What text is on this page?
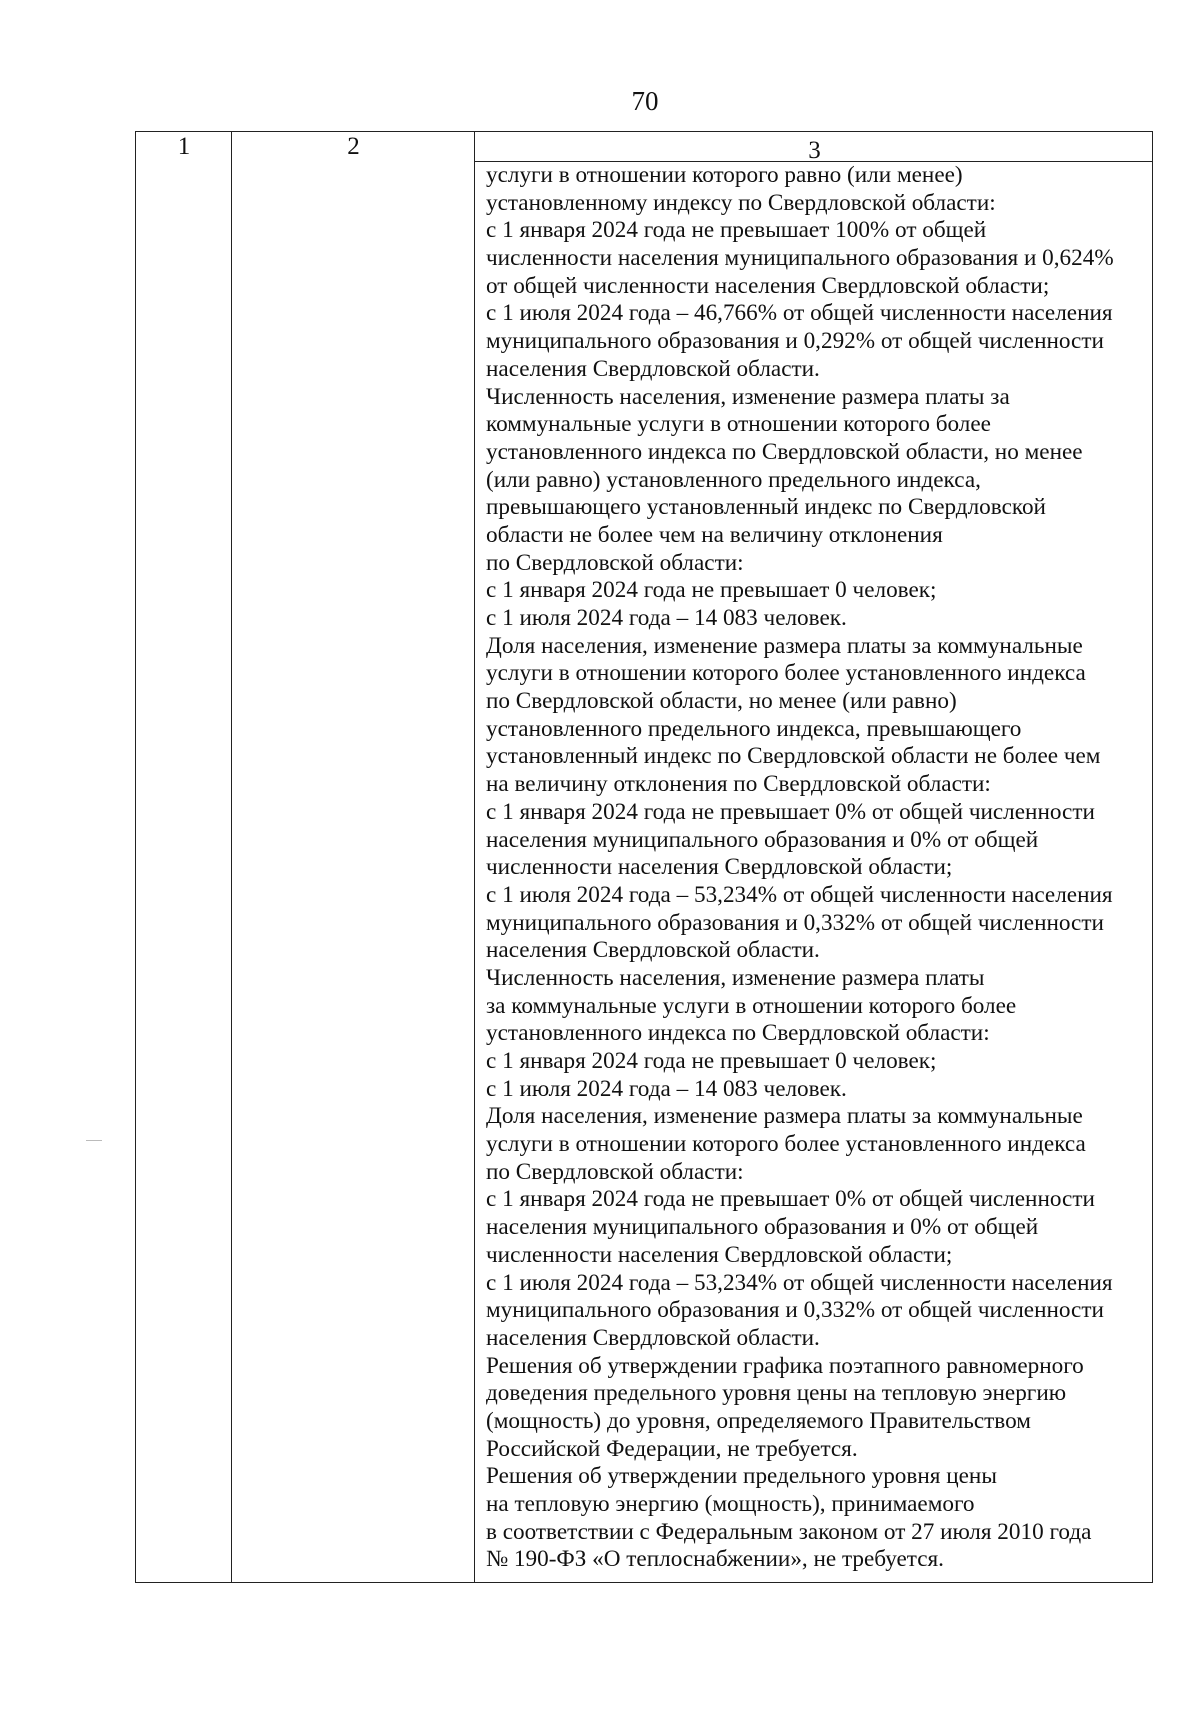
70
1	2	3
услуги в отношении которого равно (или менее)
установленному индексу по Свердловской области:
с 1 января 2024 года не превышает 100% от общей
численности населения муниципального образования и 0,624%
от общей численности населения Свердловской области;
с 1 июля 2024 года – 46,766% от общей численности населения
муниципального образования и 0,292% от общей численности
населения Свердловской области.
Численность населения, изменение размера платы за
коммунальные услуги в отношении которого более
установленного индекса по Свердловской области, но менее
(или равно) установленного предельного индекса,
превышающего установленный индекс по Свердловской
области не более чем на величину отклонения
по Свердловской области:
с 1 января 2024 года не превышает 0 человек;
с 1 июля 2024 года – 14 083 человек.
Доля населения, изменение размера платы за коммунальные
услуги в отношении которого более установленного индекса
по Свердловской области, но менее (или равно)
установленного предельного индекса, превышающего
установленный индекс по Свердловской области не более чем
на величину отклонения по Свердловской области:
с 1 января 2024 года не превышает 0% от общей численности
населения муниципального образования и 0% от общей
численности населения Свердловской области;
с 1 июля 2024 года – 53,234% от общей численности населения
муниципального образования и 0,332% от общей численности
населения Свердловской области.
Численность населения, изменение размера платы
за коммунальные услуги в отношении которого более
установленного индекса по Свердловской области:
с 1 января 2024 года не превышает 0 человек;
с 1 июля 2024 года – 14 083 человек.
Доля населения, изменение размера платы за коммунальные
услуги в отношении которого более установленного индекса
по Свердловской области:
с 1 января 2024 года не превышает 0% от общей численности
населения муниципального образования и 0% от общей
численности населения Свердловской области;
с 1 июля 2024 года – 53,234% от общей численности населения
муниципального образования и 0,332% от общей численности
населения Свердловской области.
Решения об утверждении графика поэтапного равномерного
доведения предельного уровня цены на тепловую энергию
(мощность) до уровня, определяемого Правительством
Российской Федерации, не требуется.
Решения об утверждении предельного уровня цены
на тепловую энергию (мощность), принимаемого
в соответствии с Федеральным законом от 27 июля 2010 года
№ 190-ФЗ «О теплоснабжении», не требуется.
